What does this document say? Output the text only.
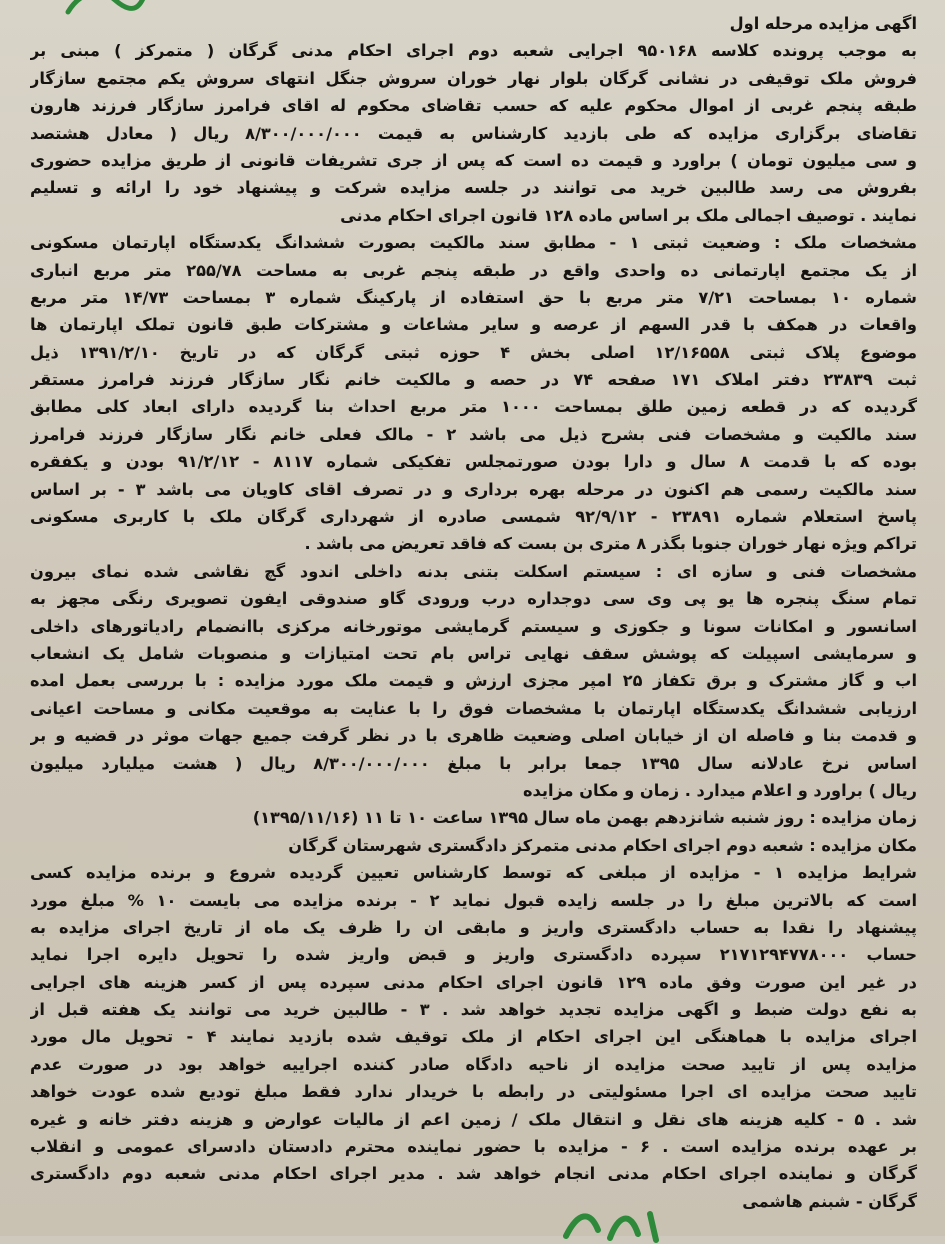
اگهی مزایده مرحله اول
به موجب پرونده کلاسه ۹۵۰۱۶۸ اجرایی شعبه دوم اجرای احکام مدنی گرگان ( متمرکز ) مبنی بر
فروش ملک توقیفی در نشانی گرگان بلوار نهار خوران سروش جنگل انتهای سروش یکم مجتمع سازگار
طبقه پنجم غربی از اموال محکوم علیه که حسب تقاضای محکوم له اقای فرامرز سازگار فرزند هارون
تقاضای برگزاری مزایده که طی بازدید کارشناس به قیمت ۸/۳۰۰/۰۰۰/۰۰۰ ریال ( معادل هشتصد
و سی میلیون تومان ) براورد و قیمت ده است که پس از جری تشریفات قانونی از طریق مزایده حضوری
بفروش می رسد طالبین خرید می توانند در جلسه مزایده شرکت و پیشنهاد خود را ارائه و تسلیم
نمایند . توصیف اجمالی ملک بر اساس ماده ۱۲۸ قانون اجرای احکام مدنی
مشخصات ملک : وضعیت ثبتی ۱ - مطابق سند مالکیت بصورت ششدانگ یکدستگاه اپارتمان مسکونی
از یک مجتمع اپارتمانی ده واحدی واقع در طبقه پنجم غربی به مساحت ۲۵۵/۷۸ متر مربع انباری
شماره ۱۰ بمساحت ۷/۲۱ متر مربع با حق استفاده از پارکینگ شماره ۳ بمساحت ۱۴/۷۳ متر مربع
واقعات در همکف با قدر السهم از عرصه و سایر مشاعات و مشترکات طبق قانون تملک اپارتمان ها
موضوع پلاک ثبتی ۱۲/۱۶۵۵۸ اصلی بخش ۴ حوزه ثبتی گرگان که در تاریخ ۱۳۹۱/۲/۱۰ ذیل
ثبت ۲۳۸۳۹ دفتر املاک ۱۷۱ صفحه ۷۴ در حصه و مالکیت خانم نگار سازگار فرزند فرامرز مستقر
گردیده که در قطعه زمین طلق بمساحت ۱۰۰۰ متر مربع احداث بنا گردیده دارای ابعاد کلی مطابق
سند مالکیت و مشخصات فنی بشرح ذیل می باشد ۲ - مالک فعلی خانم نگار سازگار فرزند فرامرز
بوده که با قدمت ۸ سال و دارا بودن صورتمجلس تفکیکی شماره ۸۱۱۷ - ۹۱/۲/۱۲ بودن و یکفقره
سند مالکیت رسمی هم اکنون در مرحله بهره برداری و در تصرف اقای کاویان می باشد ۳ - بر اساس
پاسخ استعلام شماره ۲۳۸۹۱ - ۹۲/۹/۱۲ شمسی صادره از شهرداری گرگان ملک با کاربری مسکونی
تراکم ویژه نهار خوران جنوبا بگذر ۸ متری بن بست که فاقد تعریض می باشد .
مشخصات فنی و سازه ای : سیستم اسکلت بتنی بدنه داخلی اندود گچ نقاشی شده نمای بیرون
تمام سنگ پنجره ها یو پی وی سی دوجداره درب ورودی گاو صندوقی ایفون تصویری رنگی مجهز به
اسانسور و امکانات سونا و جکوزی و سیستم گرمایشی موتورخانه مرکزی باانضمام رادیاتورهای داخلی
و سرمایشی اسپیلت که پوشش سقف نهایی تراس بام تحت امتیازات و منصوبات شامل یک انشعاب
اب و گاز مشترک و برق تکفاز ۲۵ امپر مجزی ارزش و قیمت ملک مورد مزایده : با بررسی بعمل امده
ارزیابی ششدانگ یکدستگاه اپارتمان با مشخصات فوق را با عنایت به موقعیت مکانی و مساحت اعیانی
و قدمت بنا و فاصله ان از خیابان اصلی وضعیت ظاهری با در نظر گرفت جمیع جهات موثر در قضیه و بر
اساس نرخ عادلانه سال ۱۳۹۵ جمعا برابر با مبلغ ۸/۳۰۰/۰۰۰/۰۰۰ ریال ( هشت میلیارد میلیون
ریال ) براورد و اعلام میدارد . زمان و مکان مزایده
زمان مزایده : روز شنبه شانزدهم بهمن ماه سال ۱۳۹۵ ساعت ۱۰ تا ۱۱ (۱۳۹۵/۱۱/۱۶)
مکان مزایده : شعبه دوم اجرای احکام مدنی متمرکز دادگستری شهرستان گرگان
شرایط مزایده ۱ - مزایده از مبلغی که توسط کارشناس تعیین گردیده شروع و برنده مزایده کسی
است که بالاترین مبلغ را در جلسه زایده قبول نماید ۲ - برنده مزایده می بایست ۱۰ % مبلغ مورد
پیشنهاد را نقدا به حساب دادگستری واریز و مابقی ان را ظرف یک ماه از تاریخ اجرای مزایده به
حساب ۲۱۷۱۲۹۴۷۷۸۰۰۰ سپرده دادگستری واریز و قبض واریز شده را تحویل دایره اجرا نماید
در غیر این صورت وفق ماده ۱۲۹ قانون اجرای احکام مدنی سپرده پس از کسر هزینه های اجرایی
به نفع دولت ضبط و اگهی مزایده تجدید خواهد شد . ۳ - طالبین خرید می توانند یک هفته قبل از
اجرای مزایده با هماهنگی این اجرای احکام از ملک توقیف شده بازدید نمایند ۴ - تحویل مال مورد
مزایده پس از تایید صحت مزایده از ناحیه دادگاه صادر کننده اجراییه خواهد بود در صورت عدم
تایید صحت مزایده ای اجرا مسئولیتی در رابطه با خریدار ندارد فقط مبلغ تودیع شده عودت خواهد
شد . ۵ - کلیه هزینه های نقل و انتقال ملک / زمین اعم از مالیات عوارض و هزینه دفتر خانه و غیره
بر عهده برنده مزایده است . ۶ - مزایده با حضور نماینده محترم دادستان دادسرای عمومی و انقلاب
گرگان و نماینده اجرای احکام مدنی انجام خواهد شد . مدیر اجرای احکام مدنی شعبه دوم دادگستری
گرگان - شبنم هاشمی
